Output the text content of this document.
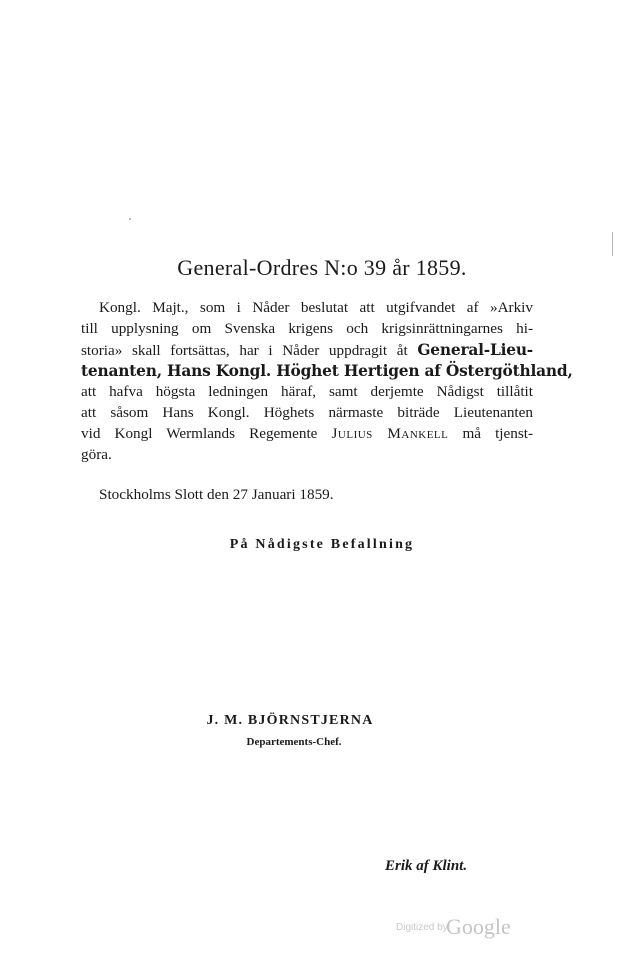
General-Ordres N:o 39 år 1859.
Kongl. Majt., som i Nåder beslutat att utgifvandet af »Arkiv
till upplysning om Svenska krigens och krigsinrättningarnes hi-
storia» skall fortsättas, har i Nåder uppdragit åt General-Lieu-
tenanten, Hans Kongl. Höghet Hertigen af Östergöthland,
att hafva högsta ledningen häraf, samt derjemte Nådigst tillåtit
att såsom Hans Kongl. Höghets närmaste biträde Lieutenanten
vid Kongl Wermlands Regemente Julius Mankell må tjenst-
göra.
Stockholms Slott den 27 Januari 1859.
På Nådigste Befallning
J. M. BJÖRNSTJERNA
Departements-Chef.
Erik af Klint.
Digitized by
Google
